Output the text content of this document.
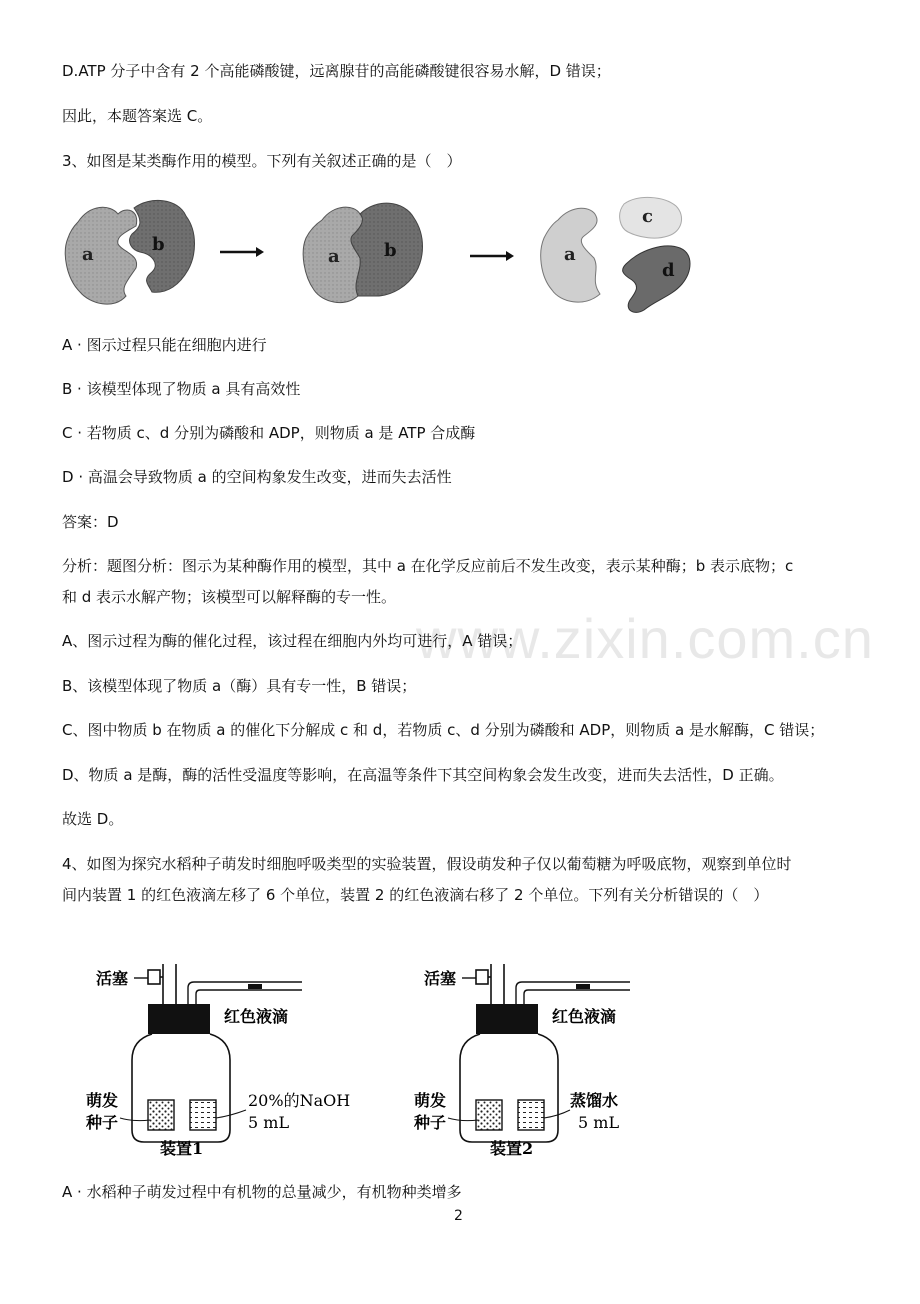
www.zixin.com.cn
D.ATP 分子中含有 2 个高能磷酸键，远离腺苷的高能磷酸键很容易水解，D 错误；
因此，本题答案选 C。
3、如图是某类酶作用的模型。下列有关叙述正确的是（　）
a	b
a b	a
c
d
A · 图示过程只能在细胞内进行
B · 该模型体现了物质 a 具有高效性
C · 若物质 c、d 分别为磷酸和 ADP，则物质 a 是 ATP 合成酶
D · 高温会导致物质 a 的空间构象发生改变，进而失去活性
答案：D
分析：题图分析：图示为某种酶作用的模型，其中 a 在化学反应前后不发生改变，表示某种酶；b 表示底物；c
和 d 表示水解产物；该模型可以解释酶的专一性。
A、图示过程为酶的催化过程，该过程在细胞内外均可进行，A 错误；
B、该模型体现了物质 a（酶）具有专一性，B 错误；
C、图中物质 b 在物质 a 的催化下分解成 c 和 d，若物质 c、d 分别为磷酸和 ADP，则物质 a 是水解酶，C 错误；
D、物质 a 是酶，酶的活性受温度等影响，在高温等条件下其空间构象会发生改变，进而失去活性，D 正确。
故选 D。
4、如图为探究水稻种子萌发时细胞呼吸类型的实验装置，假设萌发种子仅以葡萄糖为呼吸底物，观察到单位时
间内装置 1 的红色液滴左移了 6 个单位，装置 2 的红色液滴右移了 2 个单位。下列有关分析错误的（　）
活塞
红色液滴
萌发
种子
20%的NaOH
5 mL
装置1
活塞
红色液滴
萌发
种子
蒸馏水
5 mL
装置2
A · 水稻种子萌发过程中有机物的总量减少，有机物种类增多
2
